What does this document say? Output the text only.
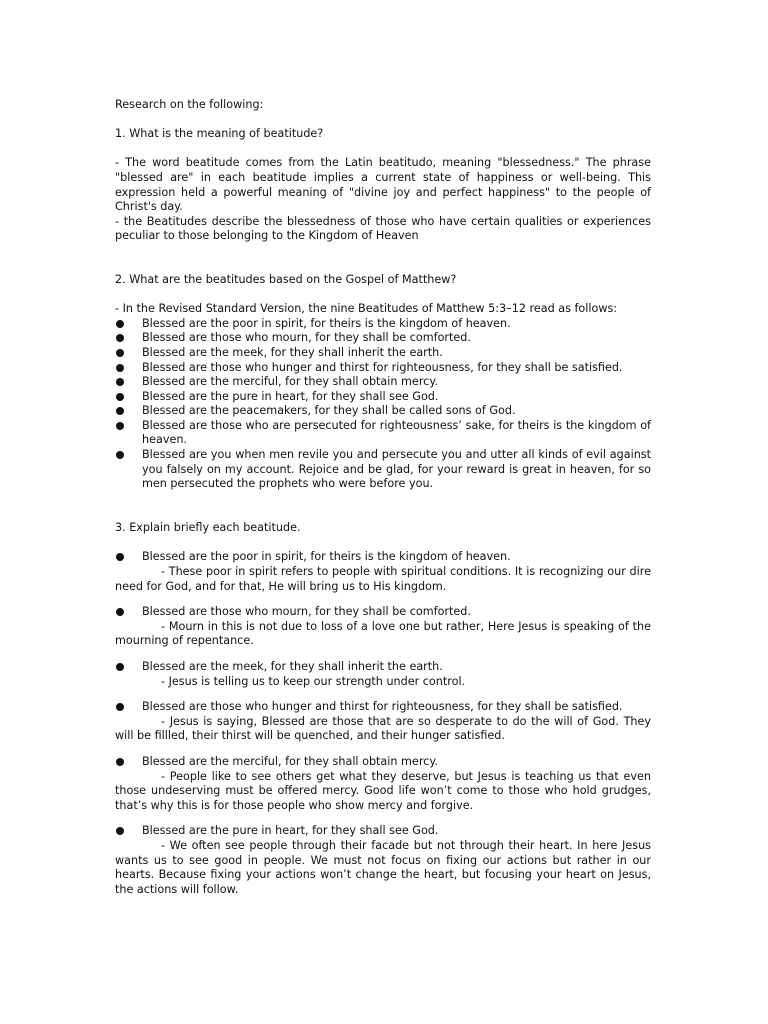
Research on the following:

1. What is the meaning of beatitude?

- The word beatitude comes from the Latin beatitudo, meaning "blessedness." The phrase "blessed are" in each beatitude implies a current state of happiness or well-being. This expression held a powerful meaning of "divine joy and perfect happiness" to the people of Christ's day.

- the Beatitudes describe the blessedness of those who have certain qualities or experiences peculiar to those belonging to the Kingdom of Heaven

2. What are the beatitudes based on the Gospel of Matthew?

- In the Revised Standard Version, the nine Beatitudes of Matthew 5:3–12 read as follows:

Blessed are the poor in spirit, for theirs is the kingdom of heaven.
Blessed are those who mourn, for they shall be comforted.
Blessed are the meek, for they shall inherit the earth.
Blessed are those who hunger and thirst for righteousness, for they shall be satisfied.
Blessed are the merciful, for they shall obtain mercy.
Blessed are the pure in heart, for they shall see God.
Blessed are the peacemakers, for they shall be called sons of God.
Blessed are those who are persecuted for righteousness’ sake, for theirs is the kingdom of heaven.
Blessed are you when men revile you and persecute you and utter all kinds of evil against you falsely on my account. Rejoice and be glad, for your reward is great in heaven, for so men persecuted the prophets who were before you.

3. Explain briefly each beatitude.

Blessed are the poor in spirit, for theirs is the kingdom of heaven.

- These poor in spirit refers to people with spiritual conditions. It is recognizing our dire need for God, and for that, He will bring us to His kingdom.

Blessed are those who mourn, for they shall be comforted.

- Mourn in this is not due to loss of a love one but rather, Here Jesus is speaking of the mourning of repentance.

Blessed are the meek, for they shall inherit the earth.

- Jesus is telling us to keep our strength under control.

Blessed are those who hunger and thirst for righteousness, for they shall be satisfied.

- Jesus is saying, Blessed are those that are so desperate to do the will of God. They will be fillled, their thirst will be quenched, and their hunger satisfied.

Blessed are the merciful, for they shall obtain mercy.

- People like to see others get what they deserve, but Jesus is teaching us that even those undeserving must be offered mercy. Good life won’t come to those who hold grudges, that’s why this is for those people who show mercy and forgive.

Blessed are the pure in heart, for they shall see God.

- We often see people through their facade but not through their heart. In here Jesus wants us to see good in people. We must not focus on fixing our actions but rather in our hearts. Because fixing your actions won’t change the heart, but focusing your heart on Jesus, the actions will follow.
